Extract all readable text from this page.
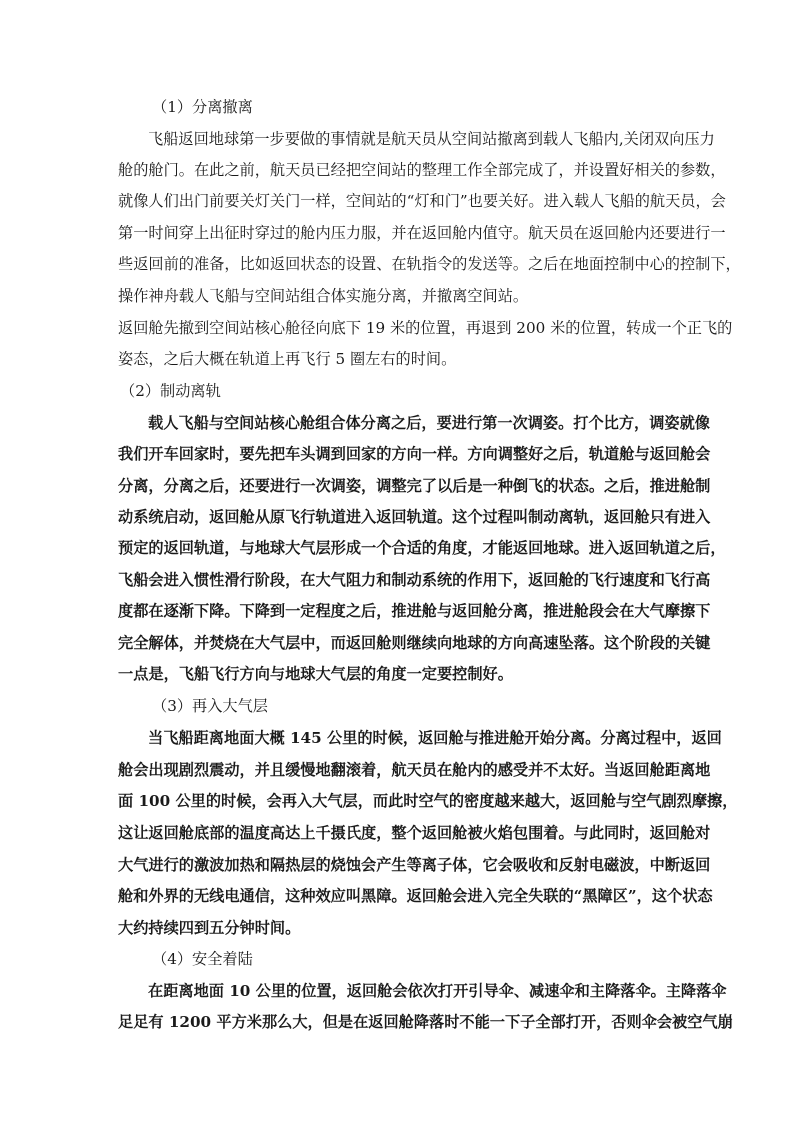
（1）分离撤离
飞船返回地球第一步要做的事情就是航天员从空间站撤离到载人飞船内,关闭双向压力
舱的舱门。在此之前，航天员已经把空间站的整理工作全部完成了，并设置好相关的参数，
就像人们出门前要关灯关门一样，空间站的“灯和门”也要关好。进入载人飞船的航天员，会
第一时间穿上出征时穿过的舱内压力服，并在返回舱内值守。航天员在返回舱内还要进行一
些返回前的准备，比如返回状态的设置、在轨指令的发送等。之后在地面控制中心的控制下，
操作神舟载人飞船与空间站组合体实施分离，并撤离空间站。
返回舱先撤到空间站核心舱径向底下 19 米的位置，再退到 200 米的位置，转成一个正飞的
姿态，之后大概在轨道上再飞行 5 圈左右的时间。
（2）制动离轨
载人飞船与空间站核心舱组合体分离之后，要进行第一次调姿。打个比方，调姿就像
我们开车回家时，要先把车头调到回家的方向一样。方向调整好之后，轨道舱与返回舱会
分离，分离之后，还要进行一次调姿，调整完了以后是一种倒飞的状态。之后，推进舱制
动系统启动，返回舱从原飞行轨道进入返回轨道。这个过程叫制动离轨，返回舱只有进入
预定的返回轨道，与地球大气层形成一个合适的角度，才能返回地球。进入返回轨道之后，
飞船会进入惯性滑行阶段，在大气阻力和制动系统的作用下，返回舱的飞行速度和飞行高
度都在逐渐下降。下降到一定程度之后，推进舱与返回舱分离，推进舱段会在大气摩擦下
完全解体，并焚烧在大气层中，而返回舱则继续向地球的方向高速坠落。这个阶段的关键
一点是，飞船飞行方向与地球大气层的角度一定要控制好。
（3）再入大气层
当飞船距离地面大概 145 公里的时候，返回舱与推进舱开始分离。分离过程中，返回
舱会出现剧烈震动，并且缓慢地翻滚着，航天员在舱内的感受并不太好。当返回舱距离地
面 100 公里的时候，会再入大气层，而此时空气的密度越来越大，返回舱与空气剧烈摩擦，
这让返回舱底部的温度高达上千摄氏度，整个返回舱被火焰包围着。与此同时，返回舱对
大气进行的激波加热和隔热层的烧蚀会产生等离子体，它会吸收和反射电磁波，中断返回
舱和外界的无线电通信，这种效应叫黑障。返回舱会进入完全失联的“黑障区”，这个状态
大约持续四到五分钟时间。
（4）安全着陆
在距离地面 10 公里的位置，返回舱会依次打开引导伞、减速伞和主降落伞。主降落伞
足足有 1200 平方米那么大，但是在返回舱降落时不能一下子全部打开，否则伞会被空气崩
